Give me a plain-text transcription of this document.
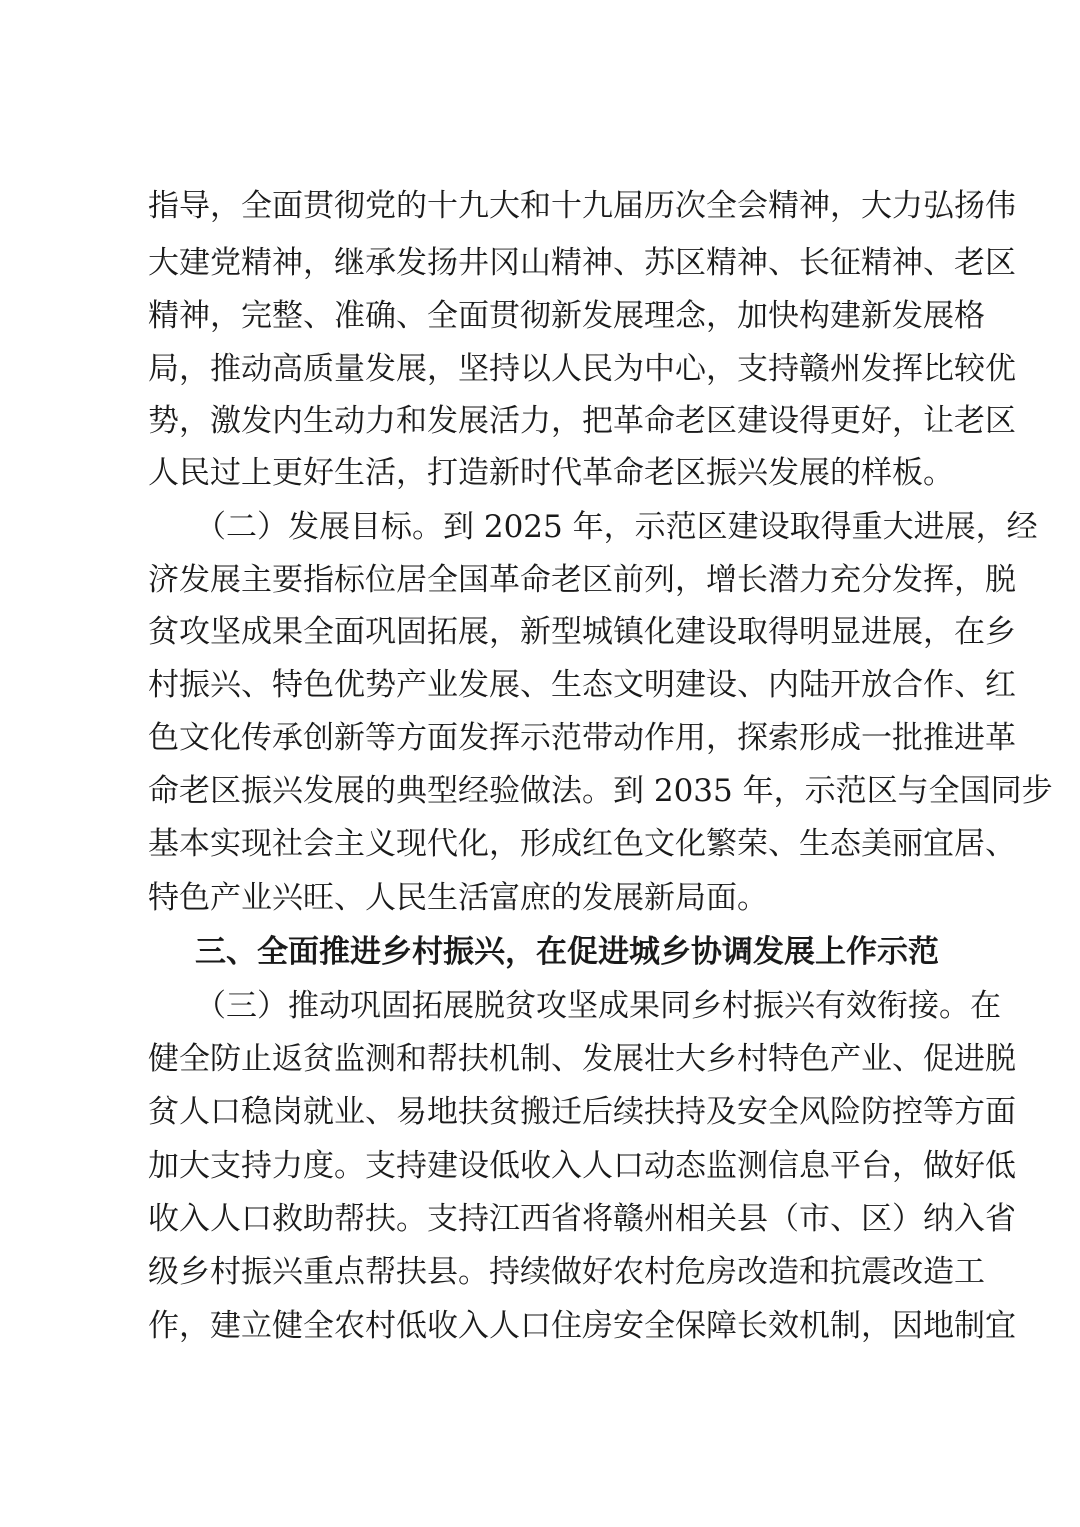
指导，全面贯彻党的十九大和十九届历次全会精神，大力弘扬伟
大建党精神，继承发扬井冈山精神、苏区精神、长征精神、老区
精神，完整、准确、全面贯彻新发展理念，加快构建新发展格
局，推动高质量发展，坚持以人民为中心，支持赣州发挥比较优
势，激发内生动力和发展活力，把革命老区建设得更好，让老区
人民过上更好生活，打造新时代革命老区振兴发展的样板。
（二）发展目标。到 2025 年，示范区建设取得重大进展，经
济发展主要指标位居全国革命老区前列，增长潜力充分发挥，脱
贫攻坚成果全面巩固拓展，新型城镇化建设取得明显进展，在乡
村振兴、特色优势产业发展、生态文明建设、内陆开放合作、红
色文化传承创新等方面发挥示范带动作用，探索形成一批推进革
命老区振兴发展的典型经验做法。到 2035 年，示范区与全国同步
基本实现社会主义现代化，形成红色文化繁荣、生态美丽宜居、
特色产业兴旺、人民生活富庶的发展新局面。
三、全面推进乡村振兴，在促进城乡协调发展上作示范
（三）推动巩固拓展脱贫攻坚成果同乡村振兴有效衔接。在
健全防止返贫监测和帮扶机制、发展壮大乡村特色产业、促进脱
贫人口稳岗就业、易地扶贫搬迁后续扶持及安全风险防控等方面
加大支持力度。支持建设低收入人口动态监测信息平台，做好低
收入人口救助帮扶。支持江西省将赣州相关县（市、区）纳入省
级乡村振兴重点帮扶县。持续做好农村危房改造和抗震改造工
作，建立健全农村低收入人口住房安全保障长效机制，因地制宜
